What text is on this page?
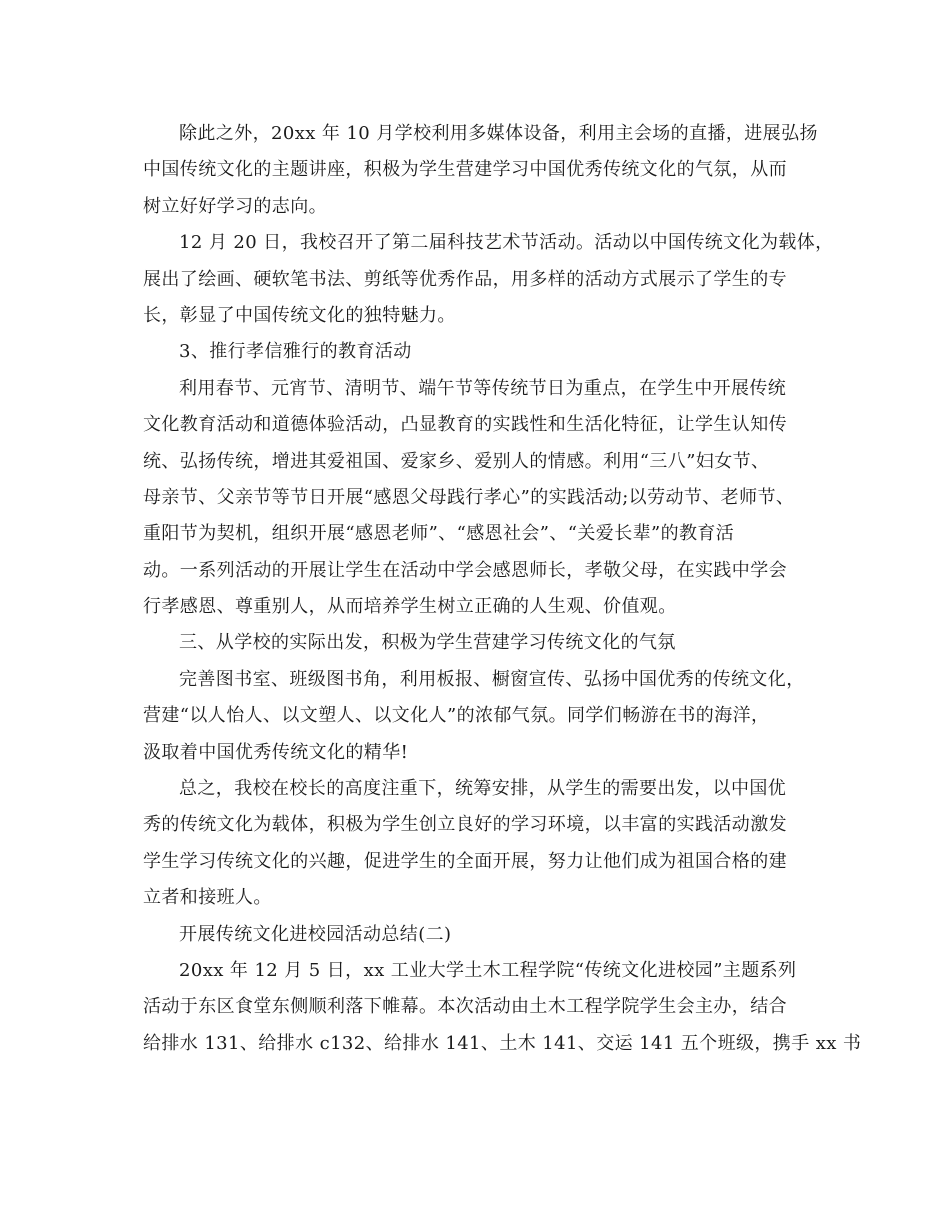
除此之外，20xx 年 10 月学校利用多媒体设备，利用主会场的直播，进展弘扬
中国传统文化的主题讲座，积极为学生营建学习中国优秀传统文化的气氛，从而
树立好好学习的志向。
12 月 20 日，我校召开了第二届科技艺术节活动。活动以中国传统文化为载体，
展出了绘画、硬软笔书法、剪纸等优秀作品，用多样的活动方式展示了学生的专
长，彰显了中国传统文化的独特魅力。
3、推行孝信雅行的教育活动
利用春节、元宵节、清明节、端午节等传统节日为重点，在学生中开展传统
文化教育活动和道德体验活动，凸显教育的实践性和生活化特征，让学生认知传
统、弘扬传统，增进其爱祖国、爱家乡、爱别人的情感。利用“三八”妇女节、
母亲节、父亲节等节日开展“感恩父母践行孝心”的实践活动;以劳动节、老师节、
重阳节为契机，组织开展“感恩老师”、“感恩社会”、“关爱长辈”的教育活
动。一系列活动的开展让学生在活动中学会感恩师长，孝敬父母，在实践中学会
行孝感恩、尊重别人，从而培养学生树立正确的人生观、价值观。
三、从学校的实际出发，积极为学生营建学习传统文化的气氛
完善图书室、班级图书角，利用板报、橱窗宣传、弘扬中国优秀的传统文化，
营建“以人怡人、以文塑人、以文化人”的浓郁气氛。同学们畅游在书的海洋，
汲取着中国优秀传统文化的精华!
总之，我校在校长的高度注重下，统筹安排，从学生的需要出发，以中国优
秀的传统文化为载体，积极为学生创立良好的学习环境，以丰富的实践活动激发
学生学习传统文化的兴趣，促进学生的全面开展，努力让他们成为祖国合格的建
立者和接班人。
开展传统文化进校园活动总结(二)
20xx 年 12 月 5 日，xx 工业大学土木工程学院“传统文化进校园”主题系列
活动于东区食堂东侧顺利落下帷幕。本次活动由土木工程学院学生会主办，结合
给排水 131、给排水 c132、给排水 141、土木 141、交运 141 五个班级，携手 xx 书
